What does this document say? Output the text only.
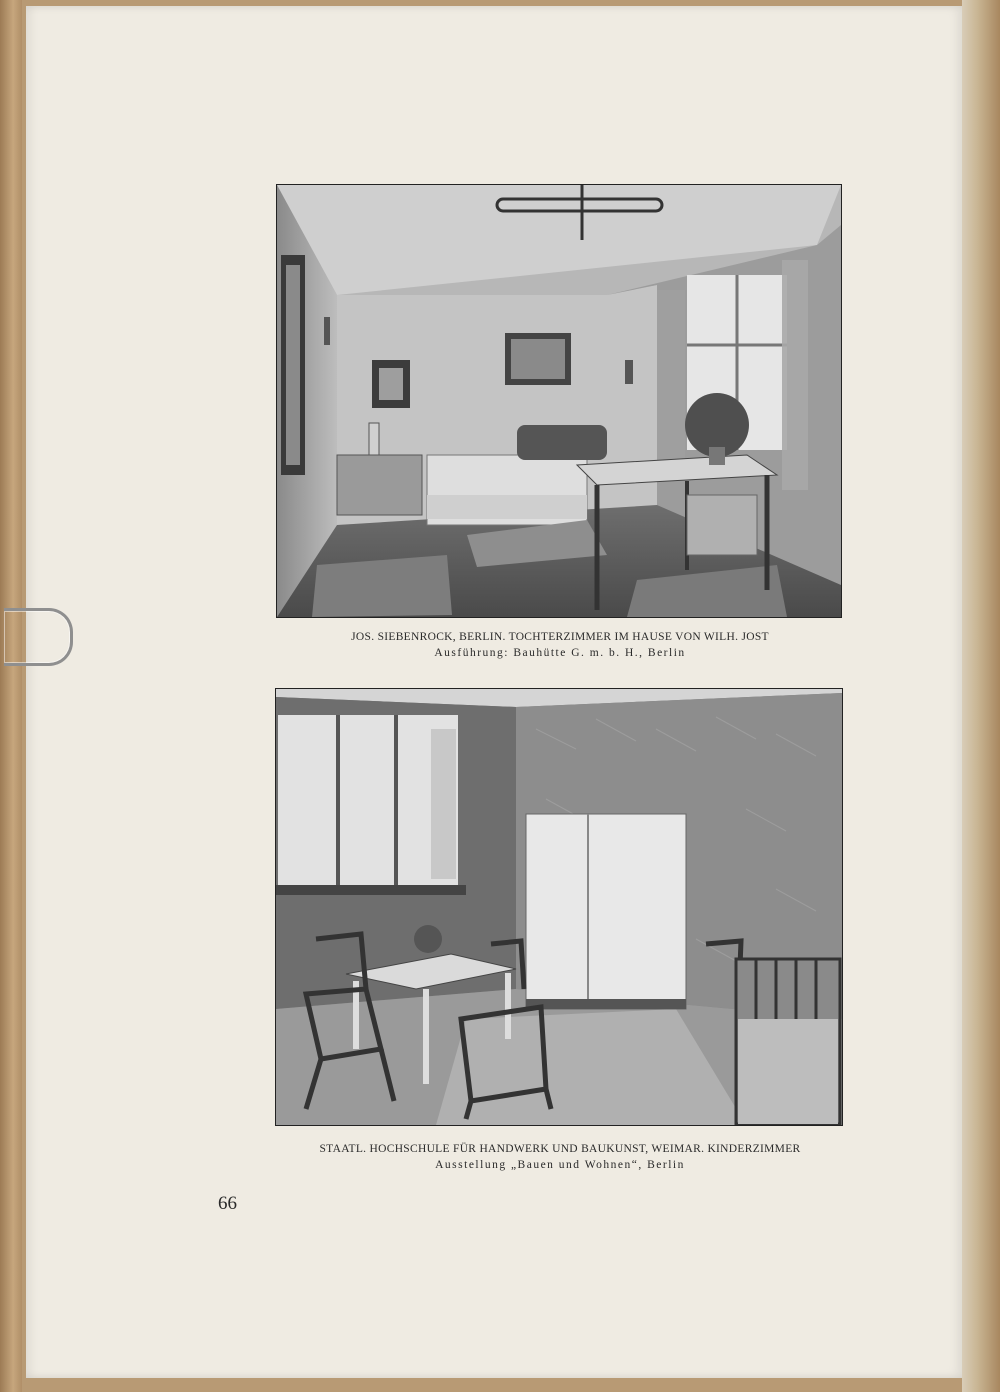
JOS. SIEBENROCK, BERLIN. TOCHTERZIMMER IM HAUSE VON WILH. JOST
Ausführung: Bauhütte G. m. b. H., Berlin
STAATL. HOCHSCHULE FÜR HANDWERK UND BAUKUNST, WEIMAR. KINDERZIMMER
Ausstellung „Bauen und Wohnen“, Berlin
66
